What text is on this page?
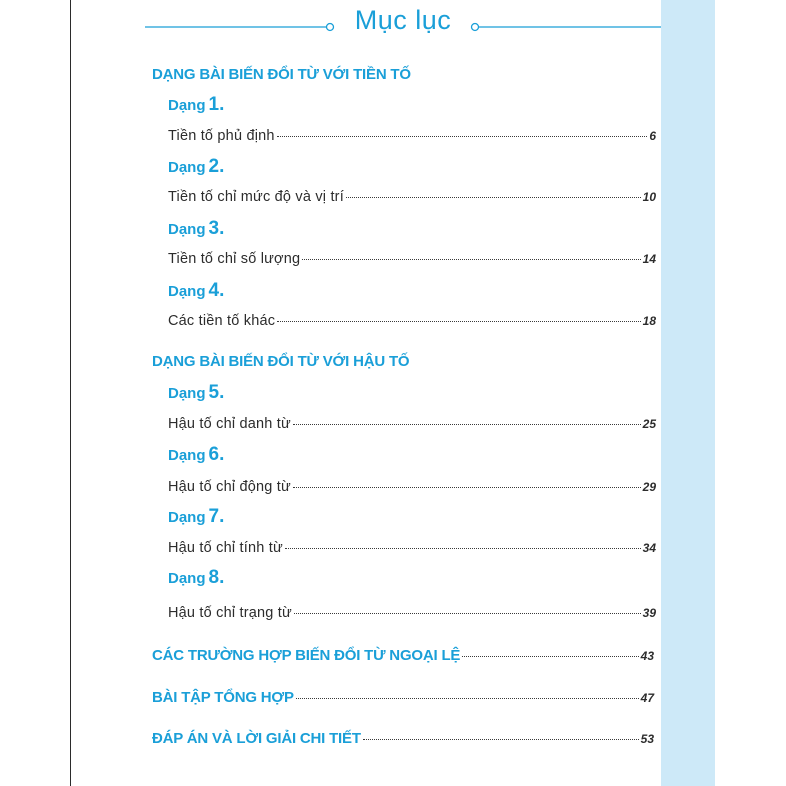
Mục lục
DẠNG BÀI BIẾN ĐỔI TỪ VỚI TIỀN TỐ
Dạng 1.
Tiền tố phủ định	6
Dạng 2.
Tiền tố chỉ mức độ và vị trí	10
Dạng 3.
Tiền tố chỉ số lượng	14
Dạng 4.
Các tiền tố khác	18
DẠNG BÀI BIẾN ĐỔI TỪ VỚI HẬU TỐ
Dạng 5.
Hậu tố chỉ danh từ	25
Dạng 6.
Hậu tố chỉ động từ	29
Dạng 7.
Hậu tố chỉ tính từ	34
Dạng 8.
Hậu tố chỉ trạng từ	39
CÁC TRƯỜNG HỢP BIẾN ĐỔI TỪ NGOẠI LỆ	43
BÀI TẬP TỔNG HỢP	47
ĐÁP ÁN VÀ LỜI GIẢI CHI TIẾT	53
